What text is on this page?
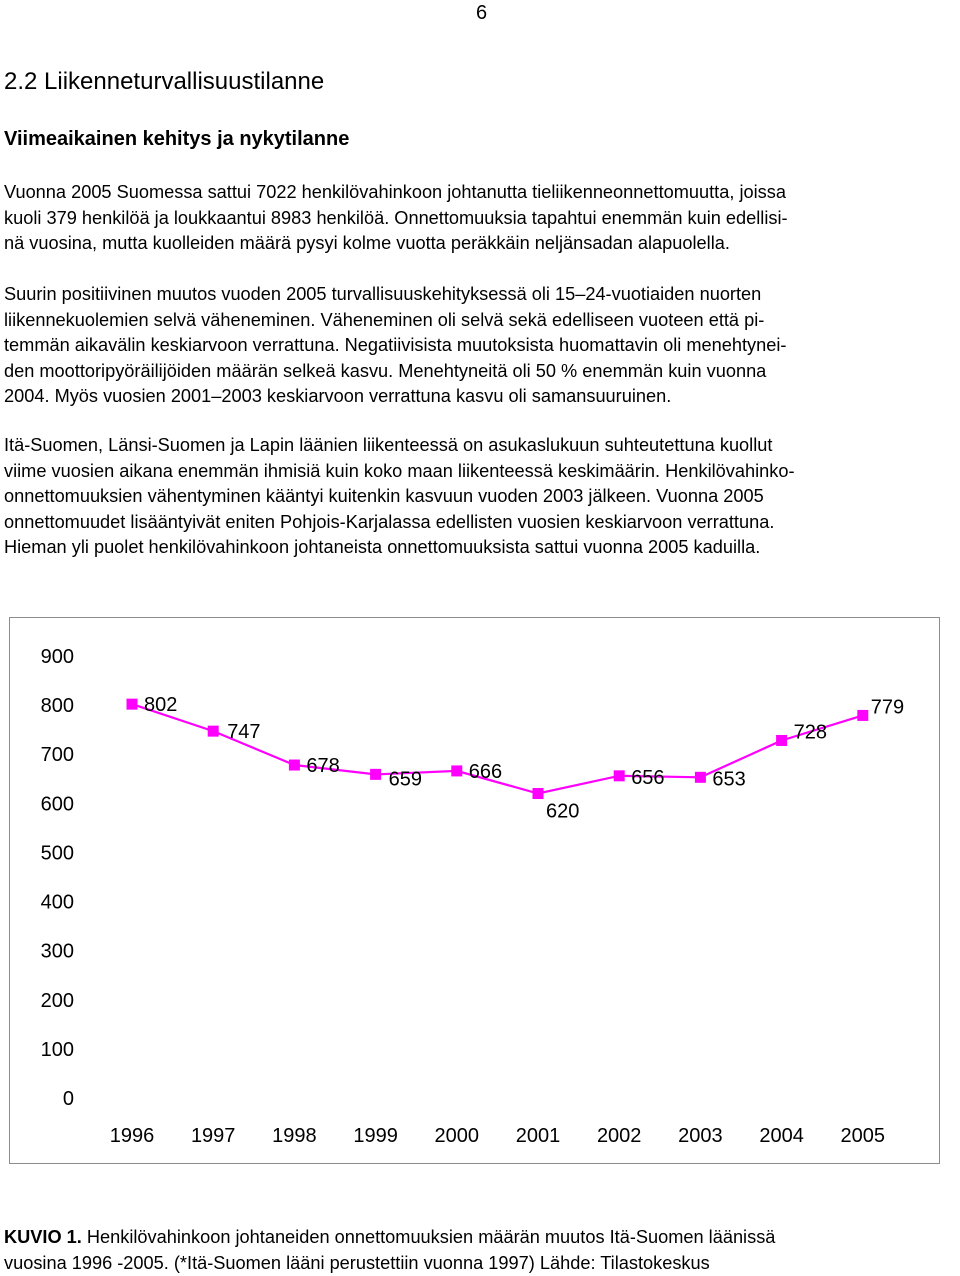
6
2.2 Liikenneturvallisuustilanne
Viimeaikainen kehitys ja nykytilanne

Vuonna 2005 Suomessa sattui 7022 henkilövahinkoon johtanutta tieliikenneonnettomuutta, joissa
kuoli 379 henkilöä ja loukkaantui 8983 henkilöä. Onnettomuuksia tapahtui enemmän kuin edellisi-
nä vuosina, mutta kuolleiden määrä pysyi kolme vuotta peräkkäin neljänsadan alapuolella.

Suurin positiivinen muutos vuoden 2005 turvallisuuskehityksessä oli 15–24-vuotiaiden nuorten
liikennekuolemien selvä väheneminen. Väheneminen oli selvä sekä edelliseen vuoteen että pi-
temmän aikavälin keskiarvoon verrattuna. Negatiivisista muutoksista huomattavin oli menehtynei-
den moottoripyöräilijöiden määrän selkeä kasvu. Menehtyneitä oli 50 % enemmän kuin vuonna
2004. Myös vuosien 2001–2003 keskiarvoon verrattuna kasvu oli samansuuruinen.

Itä-Suomen, Länsi-Suomen ja Lapin läänien liikenteessä on asukaslukuun suhteutettuna kuollut
viime vuosien aikana enemmän ihmisiä kuin koko maan liikenteessä keskimäärin. Henkilövahinko-
onnettomuuksien vähentyminen kääntyi kuitenkin kasvuun vuoden 2003 jälkeen. Vuonna 2005
onnettomuudet lisääntyivät eniten Pohjois-Karjalassa edellisten vuosien keskiarvoon verrattuna.
Hieman yli puolet henkilövahinkoon johtaneista onnettomuuksista sattui vuonna 2005 kaduilla.

0
100
200
300
400
500
600
700
800
900
1996 1997 1998 1999 2000 2001 2002 2003 2004 2005
802
747
678
659 666
620
656 653
728
779

KUVIO 1. Henkilövahinkoon johtaneiden onnettomuuksien määrän muutos Itä-Suomen läänissä
vuosina 1996 -2005. (*Itä-Suomen lääni perustettiin vuonna 1997) Lähde: Tilastokeskus
